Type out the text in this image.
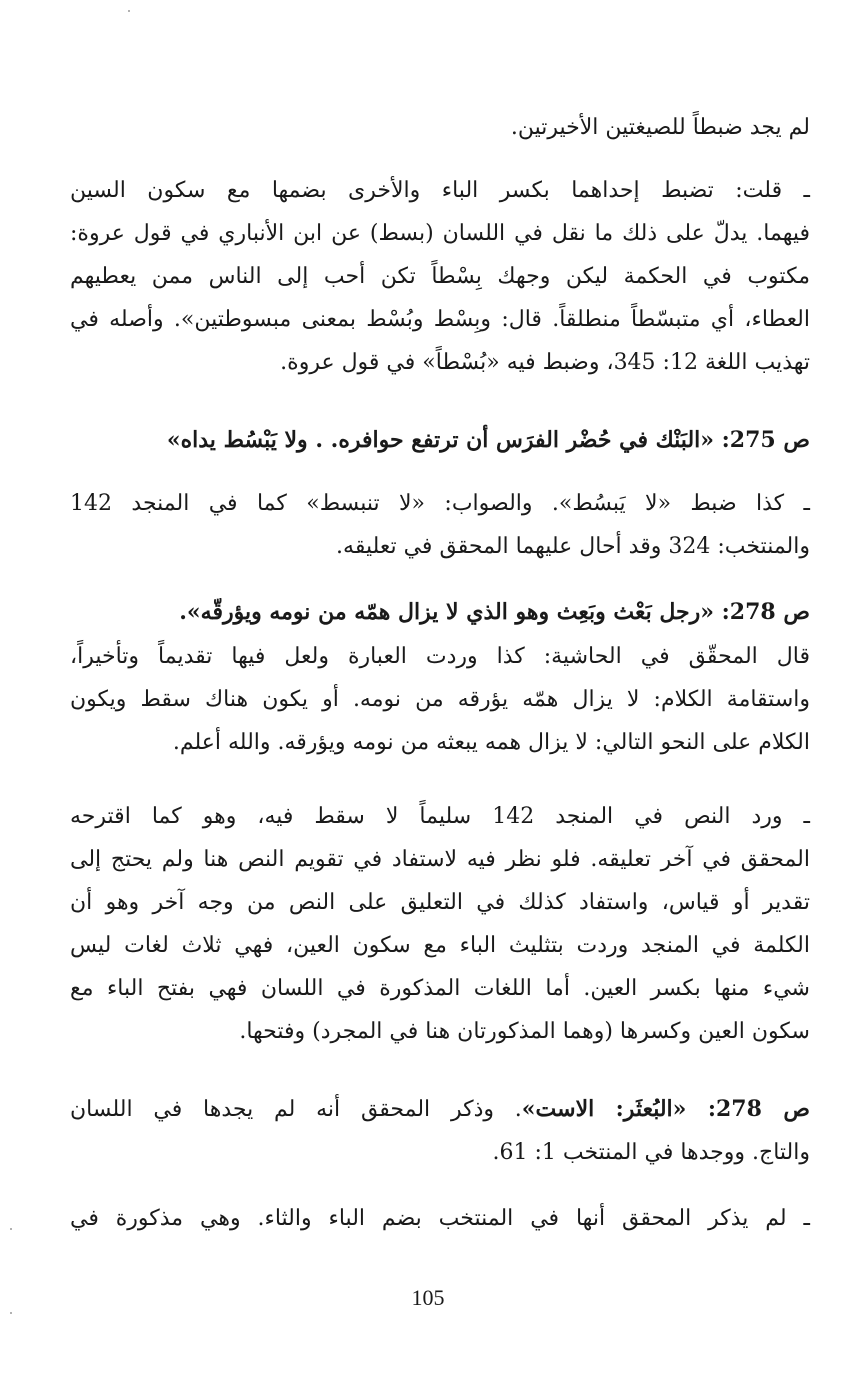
لم يجد ضبطاً للصيغتين الأخيرتين.
ـ قلت: تضبط إحداهما بكسر الباء والأخرى بضمها مع سكون السين
فيهما. يدلّ على ذلك ما نقل في اللسان (بسط) عن ابن الأنباري في قول عروة:
مكتوب في الحكمة ليكن وجهك بِسْطاً تكن أحب إلى الناس ممن يعطيهم
العطاء، أي متبسّطاً منطلقاً. قال: وبِسْط وبُسْط بمعنى مبسوطتين». وأصله في
تهذيب اللغة 12: 345، وضبط فيه «بُسْطاً» في قول عروة.
ص 275: «البَنْك في حُضْر الفرَس أن ترتفع حوافره. . ولا يَبْسُط يداه»
ـ كذا ضبط «لا يَبسُط». والصواب: «لا تنبسط» كما في المنجد 142
والمنتخب: 324 وقد أحال عليهما المحقق في تعليقه.
ص 278: «رجل بَعْث وبَعِث وهو الذي لا يزال همّه من نومه ويؤرقّه».
قال المحقّق في الحاشية: كذا وردت العبارة ولعل فيها تقديماً وتأخيراً،
واستقامة الكلام: لا يزال همّه يؤرقه من نومه. أو يكون هناك سقط ويكون
الكلام على النحو التالي: لا يزال همه يبعثه من نومه ويؤرقه. والله أعلم.
ـ ورد النص في المنجد 142 سليماً لا سقط فيه، وهو كما اقترحه
المحقق في آخر تعليقه. فلو نظر فيه لاستفاد في تقويم النص هنا ولم يحتج إلى
تقدير أو قياس، واستفاد كذلك في التعليق على النص من وجه آخر وهو أن
الكلمة في المنجد وردت بتثليث الباء مع سكون العين، فهي ثلاث لغات ليس
شيء منها بكسر العين. أما اللغات المذكورة في اللسان فهي بفتح الباء مع
سكون العين وكسرها (وهما المذكورتان هنا في المجرد) وفتحها.
ص 278: «البُعثَر: الاست». وذكر المحقق أنه لم يجدها في اللسان
والتاج. ووجدها في المنتخب 1: 61.
ـ لم يذكر المحقق أنها في المنتخب بضم الباء والثاء. وهي مذكورة في
105
